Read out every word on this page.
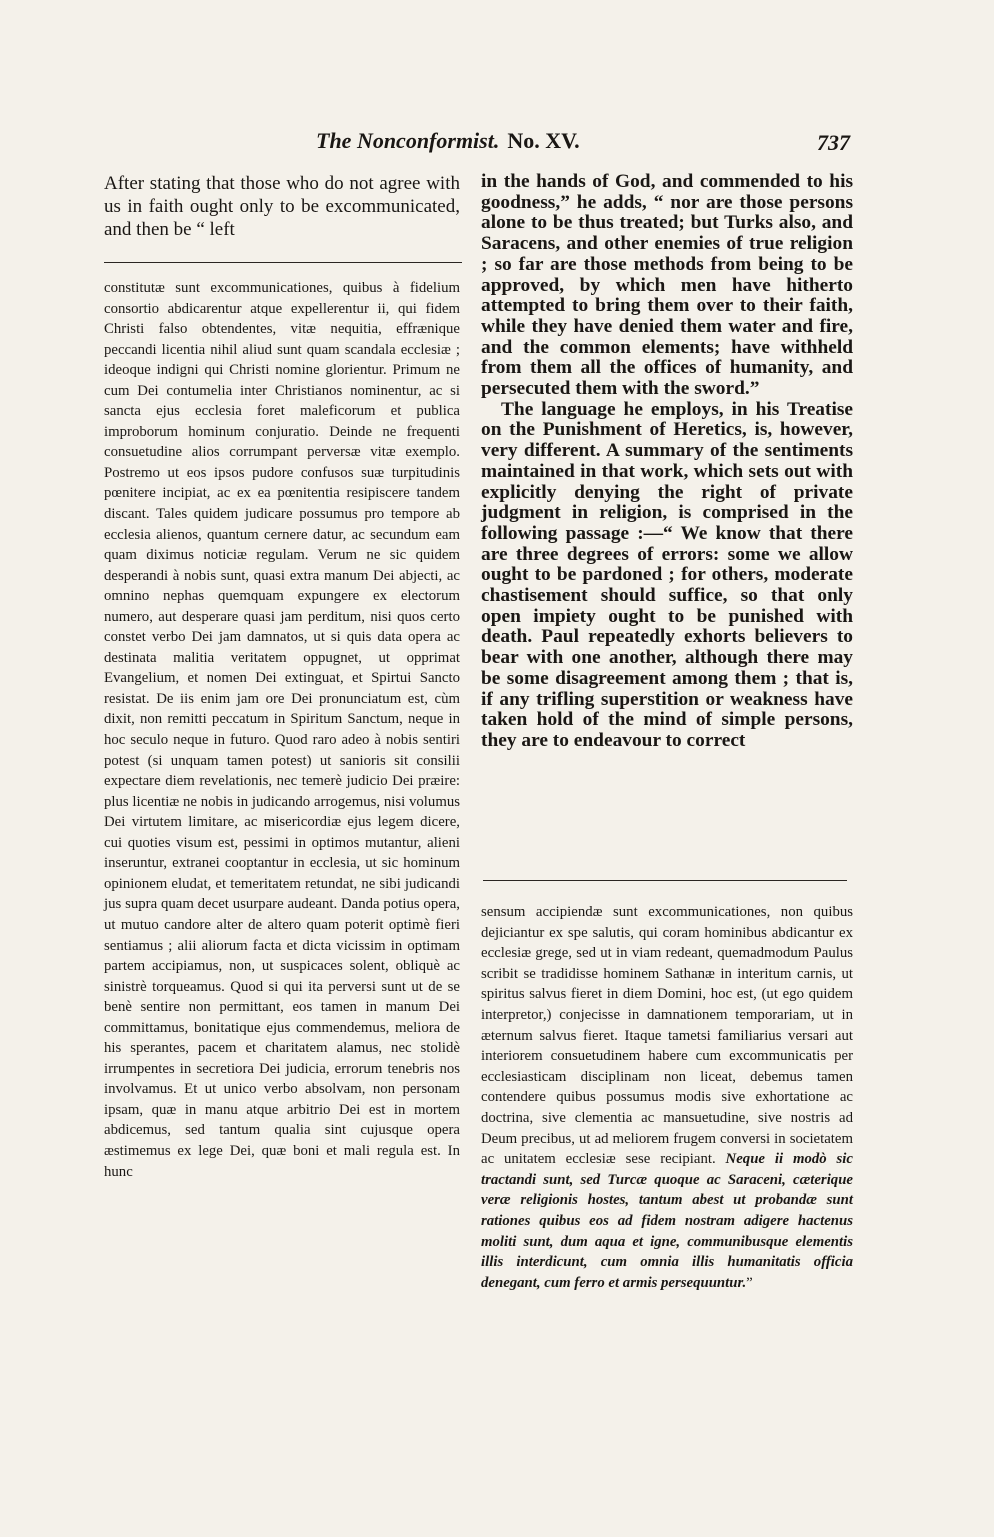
The Nonconformist. No. XV.	737

After stating that those who do not agree with us in faith ought only to be excommunicated, and then be “ left

constitutæ sunt excommunicationes, quibus à fidelium consortio abdicarentur atque expellerentur ii, qui fidem Christi falso obtendentes, vitæ nequitia, effrænique peccandi licentia nihil aliud sunt quam scandala ecclesiæ ; ideoque indigni qui Christi nomine glorientur. Primum ne cum Dei contumelia inter Christianos nominentur, ac si sancta ejus ecclesia foret maleficorum et publica improborum hominum conjuratio. Deinde ne frequenti consuetudine alios corrumpant perversæ vitæ exemplo. Postremo ut eos ipsos pudore confusos suæ turpitudinis pœnitere incipiat, ac ex ea pœnitentia resipiscere tandem discant. Tales quidem judicare possumus pro tempore ab ecclesia alienos, quantum cernere datur, ac secundum eam quam diximus noticiæ regulam. Verum ne sic quidem desperandi à nobis sunt, quasi extra manum Dei abjecti, ac omnino nephas quemquam expungere ex electorum numero, aut desperare quasi jam perditum, nisi quos certo constet verbo Dei jam damnatos, ut si quis data opera ac destinata malitia veritatem oppugnet, ut opprimat Evangelium, et nomen Dei extinguat, et Spirtui Sancto resistat. De iis enim jam ore Dei pronunciatum est, cùm dixit, non remitti peccatum in Spiritum Sanctum, neque in hoc seculo neque in futuro. Quod raro adeo à nobis sentiri potest (si unquam tamen potest) ut sanioris sit consilii expectare diem revelationis, nec temerè judicio Dei præire: plus licentiæ ne nobis in judicando arrogemus, nisi volumus Dei virtutem limitare, ac misericordiæ ejus legem dicere, cui quoties visum est, pessimi in optimos mutantur, alieni inseruntur, extranei cooptantur in ecclesia, ut sic hominum opinionem eludat, et temeritatem retundat, ne sibi judicandi jus supra quam decet usurpare audeant. Danda potius opera, ut mutuo candore alter de altero quam poterit optimè fieri sentiamus ; alii aliorum facta et dicta vicissim in optimam partem accipiamus, non, ut suspicaces solent, obliquè ac sinistrè torqueamus. Quod si qui ita perversi sunt ut de se benè sentire non permittant, eos tamen in manum Dei committamus, bonitatique ejus commendemus, meliora de his sperantes, pacem et charitatem alamus, nec stolidè irrumpentes in secretiora Dei judicia, errorum tenebris nos involvamus. Et ut unico verbo absolvam, non personam ipsam, quæ in manu atque arbitrio Dei est in mortem abdicemus, sed tantum qualia sint cujusque opera æstimemus ex lege Dei, quæ boni et mali regula est. In hunc

in the hands of God, and commended to his goodness,” he adds, “ nor are those persons alone to be thus treated; but Turks also, and Saracens, and other enemies of true religion ; so far are those methods from being to be approved, by which men have hitherto attempted to bring them over to their faith, while they have denied them water and fire, and the common elements; have withheld from them all the offices of humanity, and persecuted them with the sword.”

The language he employs, in his Treatise on the Punishment of Heretics, is, however, very different. A summary of the sentiments maintained in that work, which sets out with explicitly denying the right of private judgment in religion, is comprised in the following passage :—“ We know that there are three degrees of errors: some we allow ought to be pardoned ; for others, moderate chastisement should suffice, so that only open impiety ought to be punished with death. Paul repeatedly exhorts believers to bear with one another, although there may be some disagreement among them ; that is, if any trifling superstition or weakness have taken hold of the mind of simple persons, they are to endeavour to correct

sensum accipiendæ sunt excommunicationes, non quibus dejiciantur ex spe salutis, qui coram hominibus abdicantur ex ecclesiæ grege, sed ut in viam redeant, quemadmodum Paulus scribit se tradidisse hominem Sathanæ in interitum carnis, ut spiritus salvus fieret in diem Domini, hoc est, (ut ego quidem interpretor,) conjecisse in damnationem temporariam, ut in æternum salvus fieret. Itaque tametsi familiarius versari aut interiorem consuetudinem habere cum excommunicatis per ecclesiasticam disciplinam non liceat, debemus tamen contendere quibus possumus modis sive exhortatione ac doctrina, sive clementia ac mansuetudine, sive nostris ad Deum precibus, ut ad meliorem frugem conversi in societatem ac unitatem ecclesiæ sese recipiant. Neque ii modò sic tractandi sunt, sed Turcæ quoque ac Saraceni, cæterique veræ religionis hostes, tantum abest ut probandæ sunt rationes quibus eos ad fidem nostram adigere hactenus moliti sunt, dum aqua et igne, communibusque elementis illis interdicunt, cum omnia illis humanitatis officia denegant, cum ferro et armis persequuntur.”
